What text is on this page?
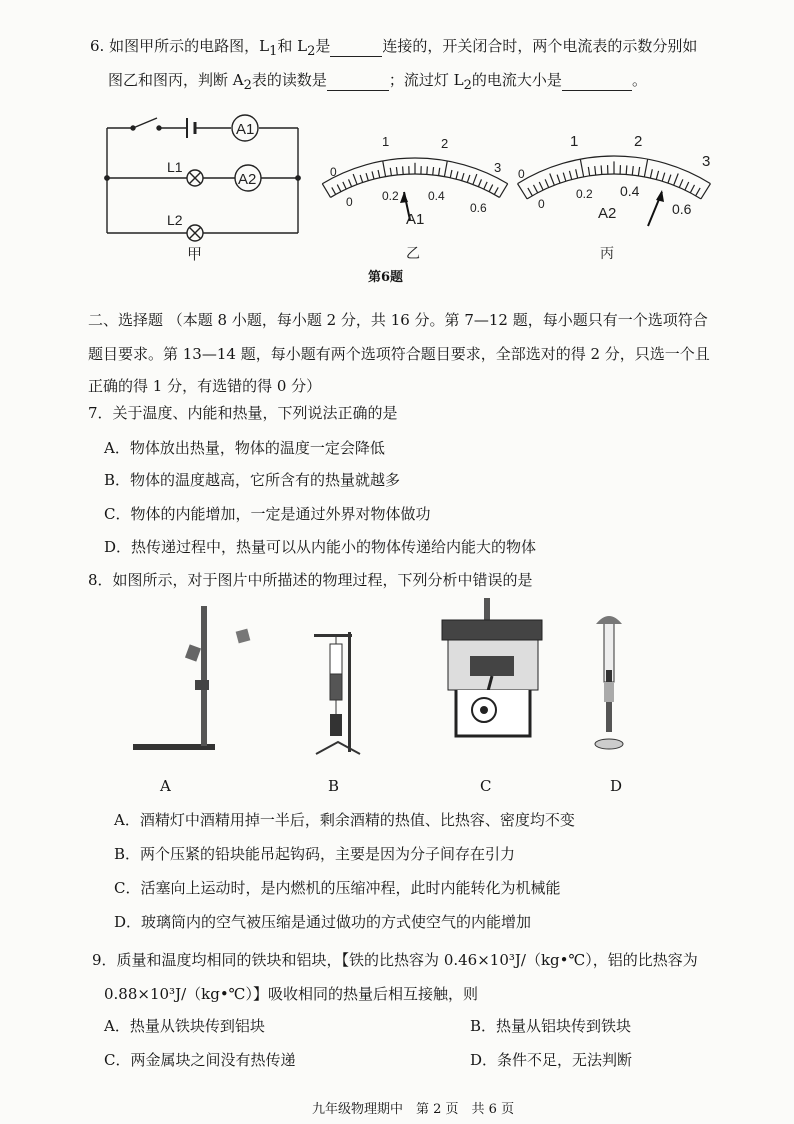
6. 如图甲所示的电路图，$L_1$和 $L_2$是	连接的，开关闭合时，两个电流表的示数分别如
图乙和图丙，判断 $A_2$表的读数是	；流过灯 $L_2$的电流大小是	。
A1
A2
L1
L2
甲
0
1	2
3
0 0.2 0.4
0.6
A1
乙
0
1	2
3
0
0.2 0.4
0.6
A2
丙
第6题
二、选择题 （本题 8 小题，每小题 2 分，共 16 分。第 7—12 题，每小题只有一个选项符合
题目要求。第 13—14 题，每小题有两个选项符合题目要求，全部选对的得 2 分，只选一个且
正确的得 1 分，有选错的得 0 分）
7．关于温度、内能和热量，下列说法正确的是
A．物体放出热量，物体的温度一定会降低
B．物体的温度越高，它所含有的热量就越多
C．物体的内能增加，一定是通过外界对物体做功
D．热传递过程中，热量可以从内能小的物体传递给内能大的物体
8．如图所示，对于图片中所描述的物理过程，下列分析中错误的是
A	B	C	D
A．酒精灯中酒精用掉一半后，剩余酒精的热值、比热容、密度均不变
B．两个压紧的铅块能吊起钩码，主要是因为分子间存在引力
C．活塞向上运动时，是内燃机的压缩冲程，此时内能转化为机械能
D．玻璃筒内的空气被压缩是通过做功的方式使空气的内能增加
9．质量和温度均相同的铁块和铝块，【铁的比热容为 0.46×10³J/（kg•℃），铝的比热容为
0.88×10³J/（kg•℃）】吸收相同的热量后相互接触，则
A．热量从铁块传到铝块	B．热量从铝块传到铁块
C．两金属块之间没有热传递	D．条件不足，无法判断
九年级物理期中　第 2 页　共 6 页
